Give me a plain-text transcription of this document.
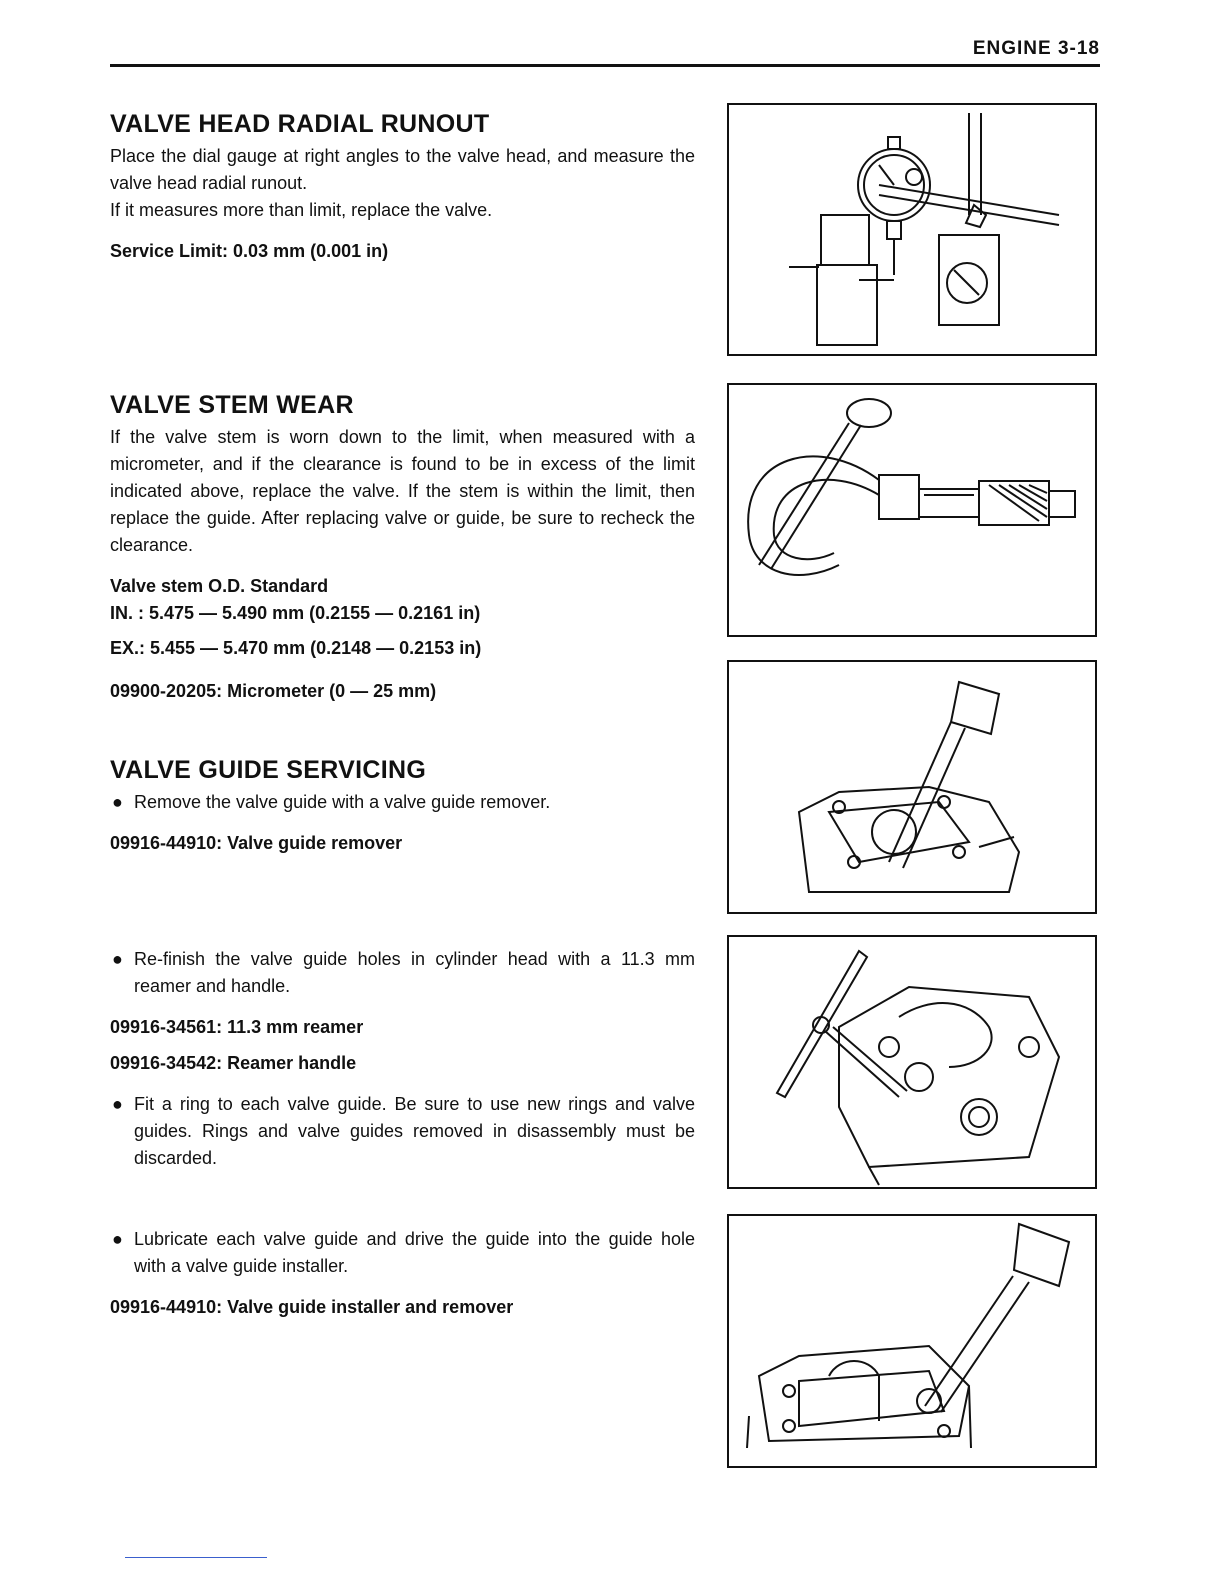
ENGINE 3-18
VALVE HEAD RADIAL RUNOUT

Place the dial gauge at right angles to the valve head, and measure the valve head radial runout.

If it measures more than limit, replace the valve.

Service Limit: 0.03 mm (0.001 in)
VALVE STEM WEAR

If the valve stem is worn down to the limit, when measured with a micrometer, and if the clearance is found to be in excess of the limit indicated above, replace the valve. If the stem is within the limit, then replace the guide. After replacing valve or guide, be sure to recheck the clearance.

Valve stem O.D. Standard
IN. : 5.475 — 5.490 mm (0.2155 — 0.2161 in)
EX.: 5.455 — 5.470 mm (0.2148 — 0.2153 in)
09900-20205: Micrometer (0 — 25 mm)
VALVE GUIDE SERVICING
● Remove the valve guide with a valve guide remover.
09916-44910: Valve guide remover
● Re-finish the valve guide holes in cylinder head with a 11.3 mm reamer and handle.
09916-34561: 11.3 mm reamer
09916-34542: Reamer handle
● Fit a ring to each valve guide. Be sure to use new rings and valve guides. Rings and valve guides removed in disassembly must be discarded.
● Lubricate each valve guide and drive the guide into the guide hole with a valve guide installer.
09916-44910: Valve guide installer and remover
